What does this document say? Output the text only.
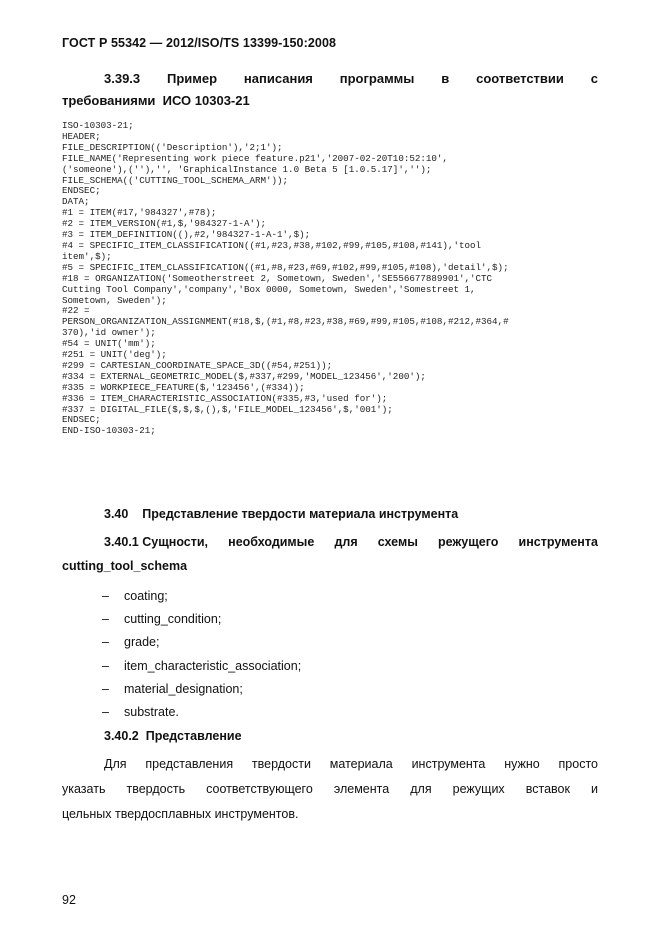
ГОСТ Р 55342 — 2012/ISO/TS 13399-150:2008
3.39.3 Пример написания программы в соответствии с
требованиями  ИСО 10303-21
ISO-10303-21;
HEADER;
FILE_DESCRIPTION(('Description'),'2;1');
FILE_NAME('Representing work piece feature.p21','2007-02-20T10:52:10',
('someone'),(''),'', 'GraphicalInstance 1.0 Beta 5 [1.0.5.17]','');
FILE_SCHEMA(('CUTTING_TOOL_SCHEMA_ARM'));
ENDSEC;
DATA;
#1 = ITEM(#17,'984327',#78);
#2 = ITEM_VERSION(#1,$,'984327-1-A');
#3 = ITEM_DEFINITION((),#2,'984327-1-A-1',$);
#4 = SPECIFIC_ITEM_CLASSIFICATION((#1,#23,#38,#102,#99,#105,#108,#141),'tool
item',$);
#5 = SPECIFIC_ITEM_CLASSIFICATION((#1,#8,#23,#69,#102,#99,#105,#108),'detail',$);
#18 = ORGANIZATION('Someotherstreet 2, Sometown, Sweden','SE556677889901','CTC
Cutting Tool Company','company','Box 0000, Sometown, Sweden','Somestreet 1,
Sometown, Sweden');
#22 =
PERSON_ORGANIZATION_ASSIGNMENT(#18,$,(#1,#8,#23,#38,#69,#99,#105,#108,#212,#364,#
370),'id owner');
#54 = UNIT('mm');
#251 = UNIT('deg');
#299 = CARTESIAN_COORDINATE_SPACE_3D((#54,#251));
#334 = EXTERNAL_GEOMETRIC_MODEL($,#337,#299,'MODEL_123456','200');
#335 = WORKPIECE_FEATURE($,'123456',(#334));
#336 = ITEM_CHARACTERISTIC_ASSOCIATION(#335,#3,'used for');
#337 = DIGITAL_FILE($,$,$,(),$,'FILE_MODEL_123456',$,'001');
ENDSEC;
END-ISO-10303-21;
3.40 Представление твердости материала инструмента
3.40.1 Сущности, необходимые для схемы режущего инструмента
cutting_tool_schema
–	coating;
–	cutting_condition;
–	grade;
–	item_characteristic_association;
–	material_designation;
–	substrate.
3.40.2 Представление
Для представления твердости материала инструмента нужно просто
указать твердость соответствующего элемента для режущих вставок и
цельных твердосплавных инструментов.
92
